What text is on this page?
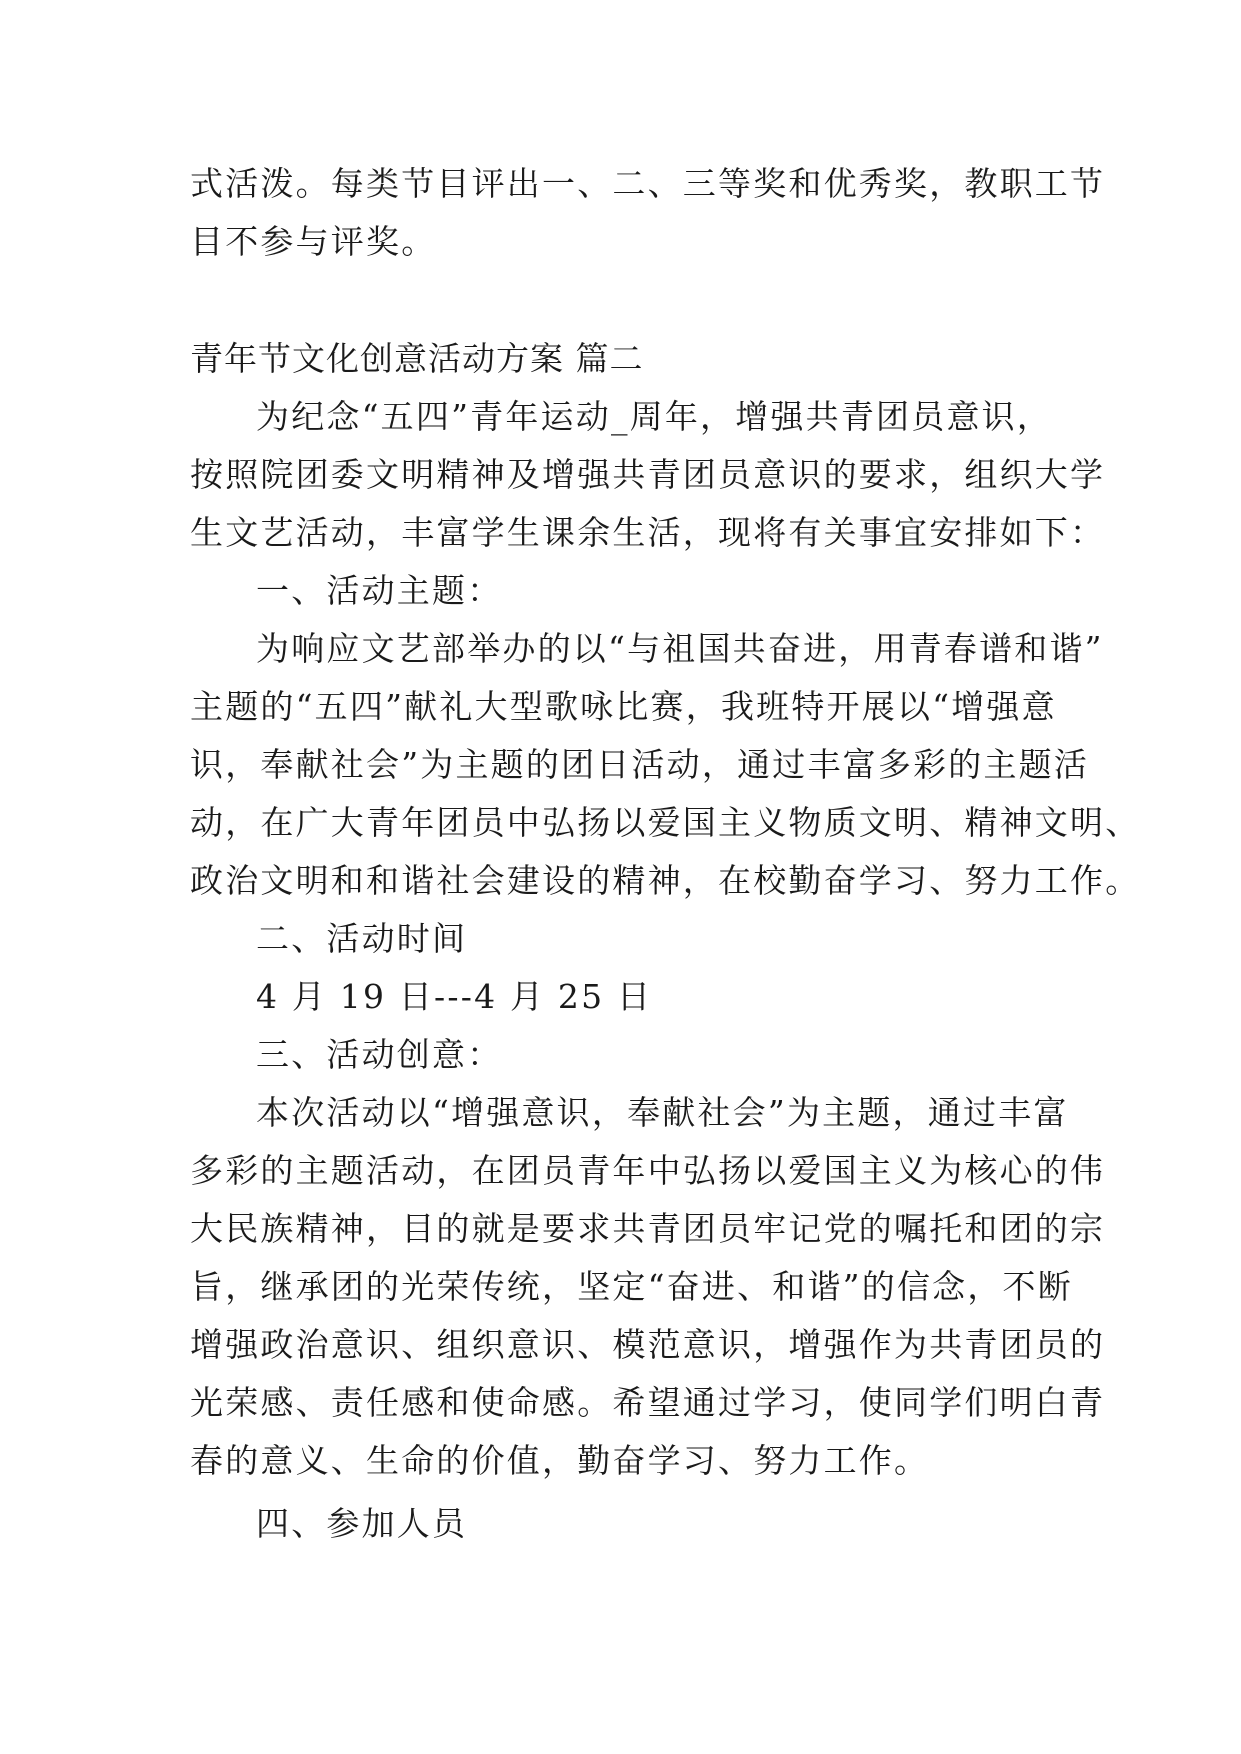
式活泼。每类节目评出一、二、三等奖和优秀奖，教职工节
目不参与评奖。
青年节文化创意活动方案 篇二
为纪念“五四”青年运动_周年，增强共青团员意识，
按照院团委文明精神及增强共青团员意识的要求，组织大学
生文艺活动，丰富学生课余生活，现将有关事宜安排如下：
一、活动主题：
为响应文艺部举办的以“与祖国共奋进，用青春谱和谐”
主题的“五四”献礼大型歌咏比赛，我班特开展以“增强意
识，奉献社会”为主题的团日活动，通过丰富多彩的主题活
动，在广大青年团员中弘扬以爱国主义物质文明、精神文明、
政治文明和和谐社会建设的精神，在校勤奋学习、努力工作。
二、活动时间
4 月 19 日---4 月 25 日
三、活动创意：
本次活动以“增强意识，奉献社会”为主题，通过丰富
多彩的主题活动，在团员青年中弘扬以爱国主义为核心的伟
大民族精神，目的就是要求共青团员牢记党的嘱托和团的宗
旨，继承团的光荣传统，坚定“奋进、和谐”的信念，不断
增强政治意识、组织意识、模范意识，增强作为共青团员的
光荣感、责任感和使命感。希望通过学习，使同学们明白青
春的意义、生命的价值，勤奋学习、努力工作。
四、参加人员
